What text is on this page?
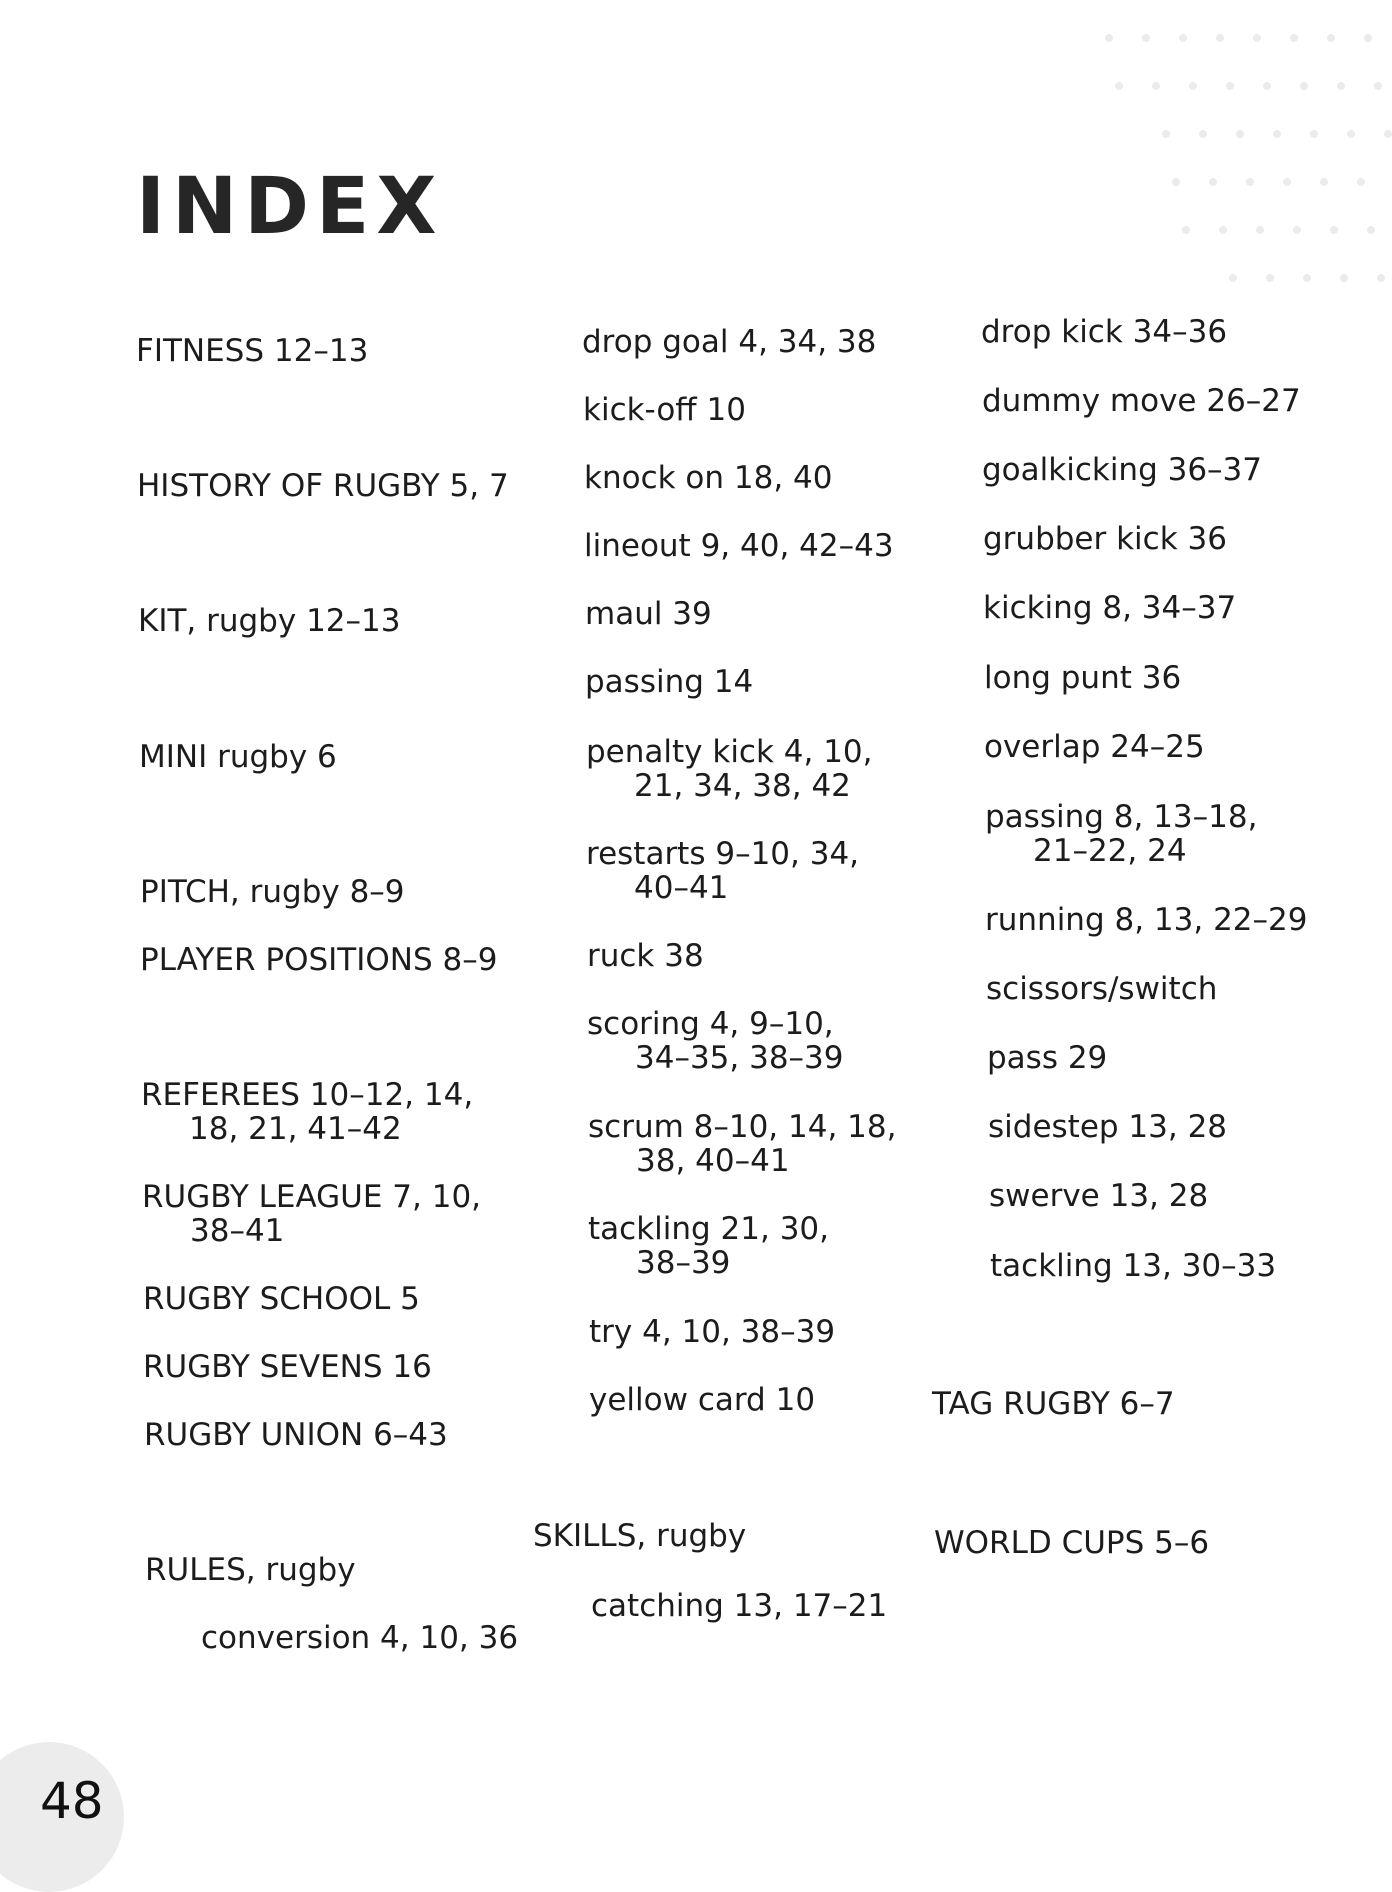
INDEX

FITNESS 12–13

HISTORY OF RUGBY 5, 7

KIT, rugby 12–13

MINI rugby 6

PITCH, rugby 8–9

PLAYER POSITIONS 8–9

REFEREES 10–12, 14,
18, 21, 41–42

RUGBY LEAGUE 7, 10,
38–41

RUGBY SCHOOL 5

RUGBY SEVENS 16

RUGBY UNION 6–43

RULES, rugby

conversion 4, 10, 36

drop goal 4, 34, 38

kick-off 10

knock on 18, 40

lineout 9, 40, 42–43

maul 39

passing 14

penalty kick 4, 10,
21, 34, 38, 42

restarts 9–10, 34,
40–41

ruck 38

scoring 4, 9–10,
34–35, 38–39

scrum 8–10, 14, 18,
38, 40–41

tackling 21, 30,
38–39

try 4, 10, 38–39

yellow card 10

SKILLS, rugby

catching 13, 17–21

drop kick 34–36

dummy move 26–27

goalkicking 36–37

grubber kick 36

kicking 8, 34–37

long punt 36

overlap 24–25

passing 8, 13–18,
21–22, 24

running 8, 13, 22–29

scissors/switch

pass 29

sidestep 13, 28

swerve 13, 28

tackling 13, 30–33

TAG RUGBY 6–7

WORLD CUPS 5–6

48
